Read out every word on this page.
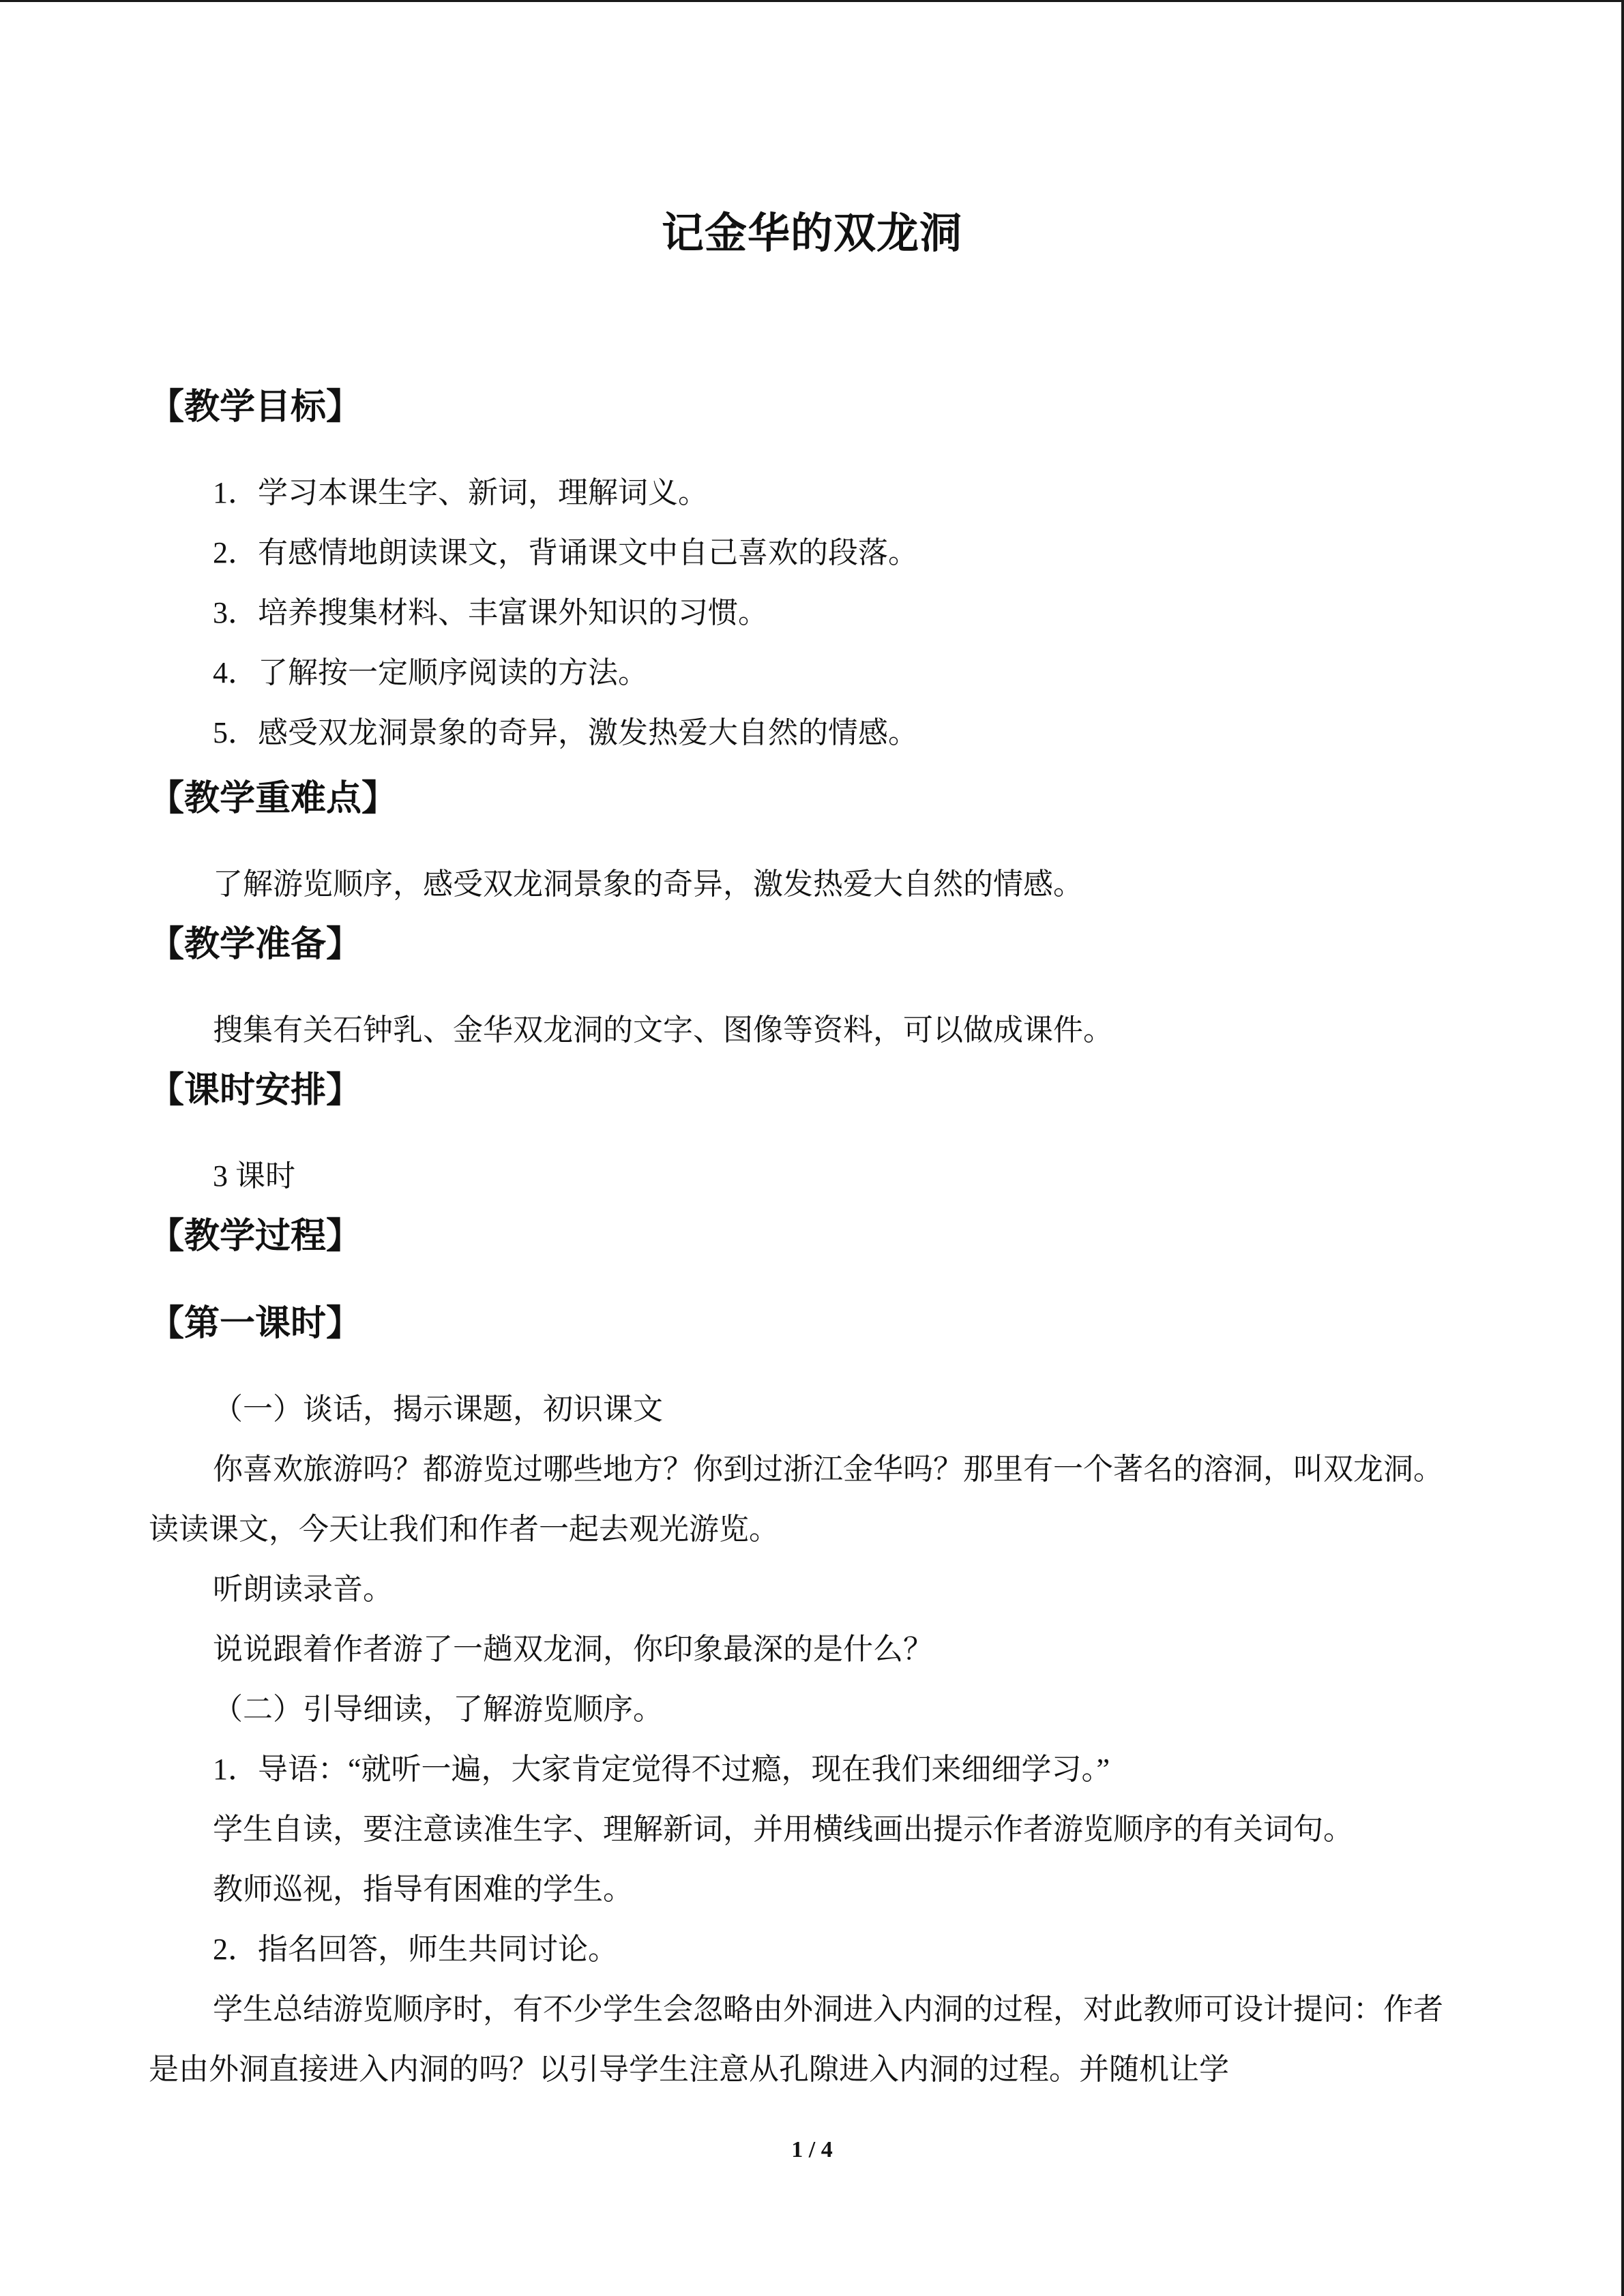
记金华的双龙洞
【教学目标】
1．学习本课生字、新词，理解词义。
2．有感情地朗读课文，背诵课文中自己喜欢的段落。
3．培养搜集材料、丰富课外知识的习惯。
4．了解按一定顺序阅读的方法。
5．感受双龙洞景象的奇异，激发热爱大自然的情感。
【教学重难点】
了解游览顺序，感受双龙洞景象的奇异，激发热爱大自然的情感。
【教学准备】
搜集有关石钟乳、金华双龙洞的文字、图像等资料，可以做成课件。
【课时安排】
3 课时
【教学过程】
【第一课时】
（一）谈话，揭示课题，初识课文
你喜欢旅游吗？都游览过哪些地方？你到过浙江金华吗？那里有一个著名的溶洞，叫双龙洞。读读课文，今天让我们和作者一起去观光游览。
听朗读录音。
说说跟着作者游了一趟双龙洞，你印象最深的是什么？
（二）引导细读，了解游览顺序。
1．导语：“就听一遍，大家肯定觉得不过瘾，现在我们来细细学习。”
学生自读，要注意读准生字、理解新词，并用横线画出提示作者游览顺序的有关词句。
教师巡视，指导有困难的学生。
2．指名回答，师生共同讨论。
学生总结游览顺序时，有不少学生会忽略由外洞进入内洞的过程，对此教师可设计提问：作者是由外洞直接进入内洞的吗？以引导学生注意从孔隙进入内洞的过程。并随机让学
1 / 4
